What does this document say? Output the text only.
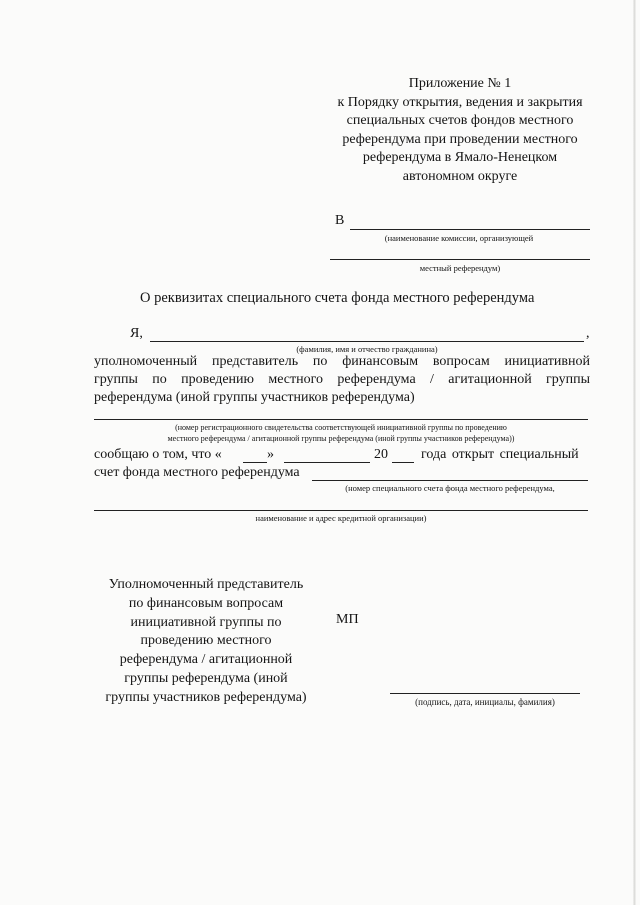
Приложение № 1
к Порядку открытия, ведения и закрытия
специальных счетов фондов местного
референдума при проведении местного
референдума в Ямало-Ненецком
автономном округе
В
(наименование комиссии, организующей
местный референдум)
О реквизитах специального счета фонда местного референдума
Я,	,
(фамилия, имя и отчество гражданина)
уполномоченный представитель по финансовым вопросам инициативной
группы по проведению местного референдума / агитационной группы
референдума (иной группы участников референдума)
(номер регистрационного свидетельства соответствующей инициативной группы по проведению
местного референдума / агитационной группы референдума (иной группы участников референдума))
сообщаю о том, что «	»	20 года открыт специальный
счет фонда местного референдума
(номер специального счета фонда местного референдума,
наименование и адрес кредитной организации)
Уполномоченный представитель
по финансовым вопросам
инициативной группы по
проведению местного
референдума / агитационной
группы референдума (иной
группы участников референдума)
МП
(подпись, дата, инициалы, фамилия)
